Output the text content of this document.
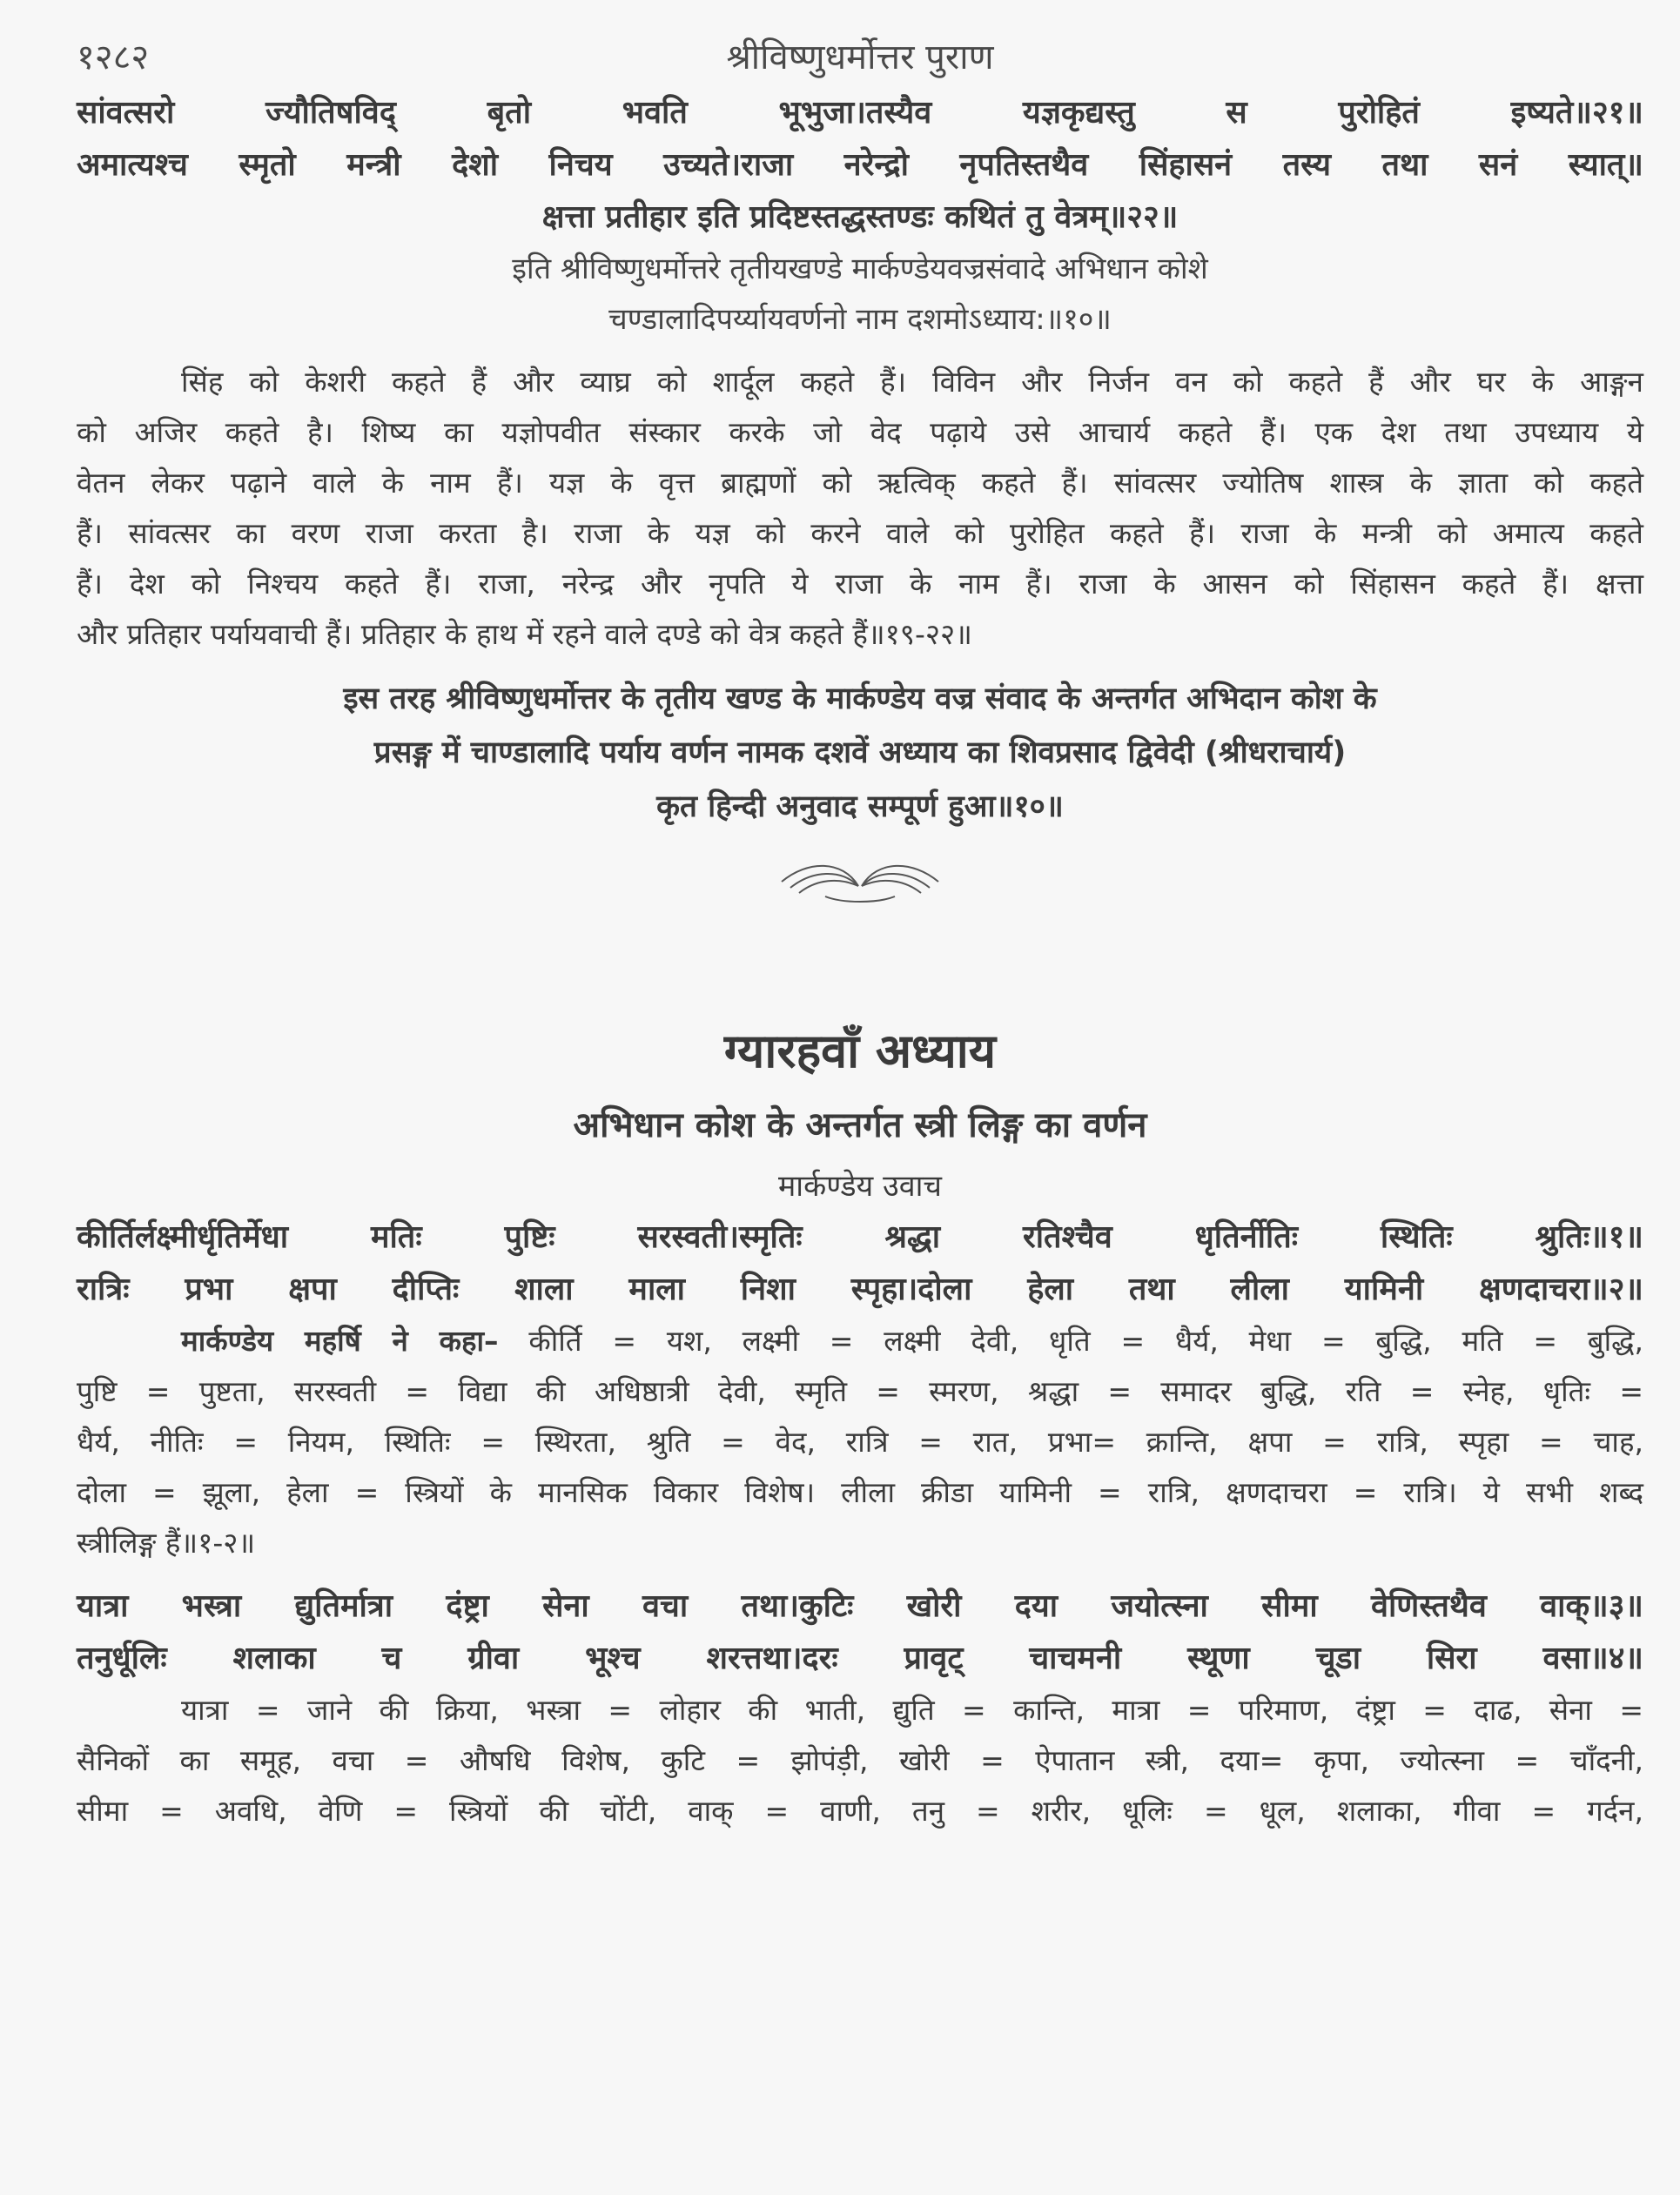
१२८२	श्रीविष्णुधर्मोत्तर पुराण

सांवत्सरो ज्यौतिषविद् बृतो भवति भूभुजा।तस्यैव यज्ञकृद्यस्तु स पुरोहितं इष्यते॥२१॥

अमात्यश्च स्मृतो मन्त्री देशो निचय उच्यते।राजा नरेन्द्रो नृपतिस्तथैव सिंहासनं तस्य तथा सनं स्यात्॥

क्षत्ता प्रतीहार इति प्रदिष्टस्तद्धस्तण्डः कथितं तु वेत्रम्॥२२॥

इति श्रीविष्णुधर्मोत्तरे तृतीयखण्डे मार्कण्डेयवज्रसंवादे अभिधान कोशे

चण्डालादिपर्य्यायवर्णनो नाम दशमोऽध्याय:॥१०॥

सिंह को केशरी कहते हैं और व्याघ्र को शार्दूल कहते हैं। विविन और निर्जन वन को कहते हैं और घर के आङ्गन
को अजिर कहते है। शिष्य का यज्ञोपवीत संस्कार करके जो वेद पढ़ाये उसे आचार्य कहते हैं। एक देश तथा उपध्याय ये
वेतन लेकर पढ़ाने वाले के नाम हैं। यज्ञ के वृत्त ब्राह्मणों को ऋत्विक् कहते हैं। सांवत्सर ज्योतिष शास्त्र के ज्ञाता को कहते
हैं। सांवत्सर का वरण राजा करता है। राजा के यज्ञ को करने वाले को पुरोहित कहते हैं। राजा के मन्त्री को अमात्य कहते
हैं। देश को निश्चय कहते हैं। राजा, नरेन्द्र और नृपति ये राजा के नाम हैं। राजा के आसन को सिंहासन कहते हैं। क्षत्ता
और प्रतिहार पर्यायवाची हैं। प्रतिहार के हाथ में रहने वाले दण्डे को वेत्र कहते हैं॥१९-२२॥

इस तरह श्रीविष्णुधर्मोत्तर के तृतीय खण्ड के मार्कण्डेय वज्र संवाद के अन्तर्गत अभिदान कोश के

प्रसङ्ग में चाण्डालादि पर्याय वर्णन नामक दशवें अध्याय का शिवप्रसाद द्विवेदी (श्रीधराचार्य)

कृत हिन्दी अनुवाद सम्पूर्ण हुआ॥१०॥

ग्यारहवाँ अध्याय
अभिधान कोश के अन्तर्गत स्त्री लिङ्ग का वर्णन
मार्कण्डेय उवाच

कीर्तिर्लक्ष्मीर्धृतिर्मेधा मतिः पुष्टिः सरस्वती।स्मृतिः श्रद्धा रतिश्चैव धृतिर्नीतिः स्थितिः श्रुतिः॥१॥

रात्रिः प्रभा क्षपा दीप्तिः शाला माला निशा स्पृहा।दोला हेला तथा लीला यामिनी क्षणदाचरा॥२॥

मार्कण्डेय महर्षि ने कहा– कीर्ति = यश, लक्ष्मी = लक्ष्मी देवी, धृति = धैर्य, मेधा = बुद्धि, मति = बुद्धि,
पुष्टि = पुष्टता, सरस्वती = विद्या की अधिष्ठात्री देवी, स्मृति = स्मरण, श्रद्धा = समादर बुद्धि, रति = स्नेह, धृतिः =
धैर्य, नीतिः = नियम, स्थितिः = स्थिरता, श्रुति = वेद, रात्रि = रात, प्रभा= क्रान्ति, क्षपा = रात्रि, स्पृहा = चाह,
दोला = झूला, हेला = स्त्रियों के मानसिक विकार विशेष। लीला क्रीडा यामिनी = रात्रि, क्षणदाचरा = रात्रि। ये सभी शब्द
स्त्रीलिङ्ग हैं॥१-२॥

यात्रा भस्त्रा द्युतिर्मात्रा दंष्ट्रा सेना वचा तथा।कुटिः खोरी दया जयोत्स्ना सीमा वेणिस्तथैव वाक्॥३॥

तनुर्धूलिः शलाका च ग्रीवा भूश्च शरत्तथा।दरः प्रावृट् चाचमनी स्थूणा चूडा सिरा वसा॥४॥

यात्रा = जाने की क्रिया, भस्त्रा = लोहार की भाती, द्युति = कान्ति, मात्रा = परिमाण, दंष्ट्रा = दाढ, सेना =
सैनिकों का समूह, वचा = औषधि विशेष, कुटि = झोपंड़ी, खोरी = ऐपातान स्त्री, दया= कृपा, ज्योत्स्ना = चाँदनी,
सीमा = अवधि, वेणि = स्त्रियों की चोंटी, वाक् = वाणी, तनु = शरीर, धूलिः = धूल, शलाका, गीवा = गर्दन,
